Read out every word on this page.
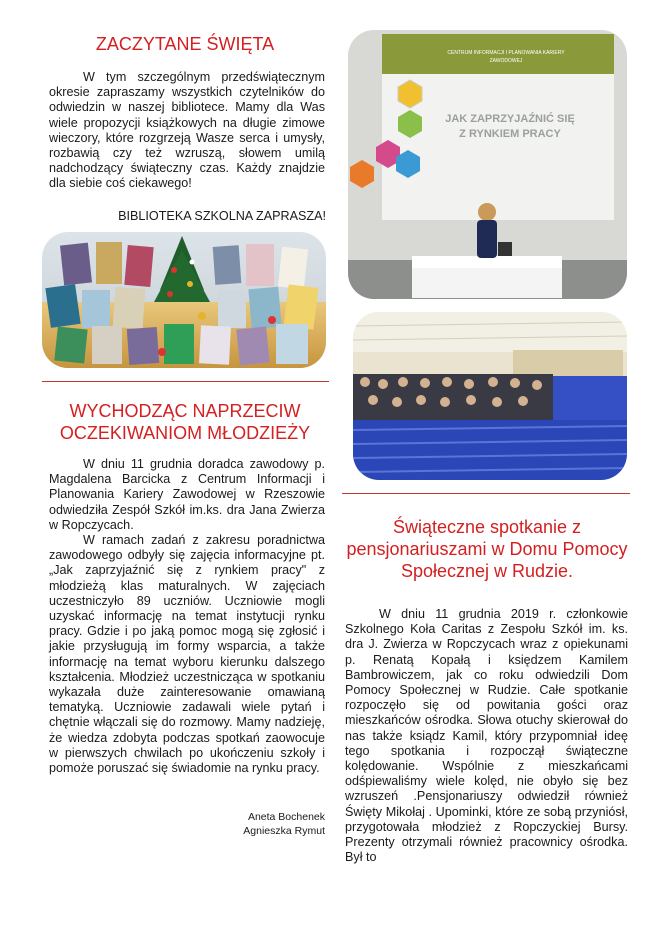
ZACZYTANE ŚWIĘTA

W tym szczególnym przedświątecznym okresie zapraszamy wszystkich czytelników do odwiedzin w naszej bibliotece. Mamy dla Was wiele propozycji książkowych na długie zimowe wieczory, które rozgrzeją Wasze serca i umysły, rozbawią czy też wzruszą, słowem umilą nadchodzący świąteczny czas. Każdy znajdzie dla siebie coś ciekawego!

BIBLIOTEKA SZKOLNA ZAPRASZA!
WYCHODZĄC NAPRZECIW
OCZEKIWANIOM MŁODZIEŻY

W dniu 11 grudnia doradca zawodowy p. Magdalena Barcicka z Centrum Informacji i Planowania Kariery Zawodowej w Rzeszowie odwiedziła Zespół Szkół im.ks. dra Jana Zwierza w Ropczycach.

W ramach zadań z zakresu poradnictwa zawodowego odbyły się zajęcia informacyjne pt. „Jak zaprzyjaźnić się z rynkiem pracy" z młodzieżą klas maturalnych. W zajęciach uczestniczyło 89 uczniów. Uczniowie mogli uzyskać informację na temat instytucji rynku pracy. Gdzie i po jaką pomoc mogą się zgłosić i jakie przysługują im formy wsparcia, a także informację na temat wyboru kierunku dalszego kształcenia. Młodzież uczestnicząca w spotkaniu wykazała duże zainteresowanie omawianą tematyką. Uczniowie zadawali wiele pytań i chętnie włączali się do rozmowy. Mamy nadzieję, że wiedza zdobyta podczas spotkań zaowocuje w pierwszych chwilach po ukończeniu szkoły i pomoże poruszać się świadomie na rynku pracy.

Aneta Bochenek
Agnieszka Rymut
CENTRUM INFORMACJI I PLANOWANIA KARIERY
ZAWODOWEJ
JAK ZAPRZYJAŹNIĆ SIĘ
Z RYNKIEM PRACY
Świąteczne spotkanie z
pensjonariuszami w Domu Pomocy
Społecznej w Rudzie.

W dniu 11 grudnia 2019 r. członkowie Szkolnego Koła Caritas z Zespołu Szkół im. ks. dra J. Zwierza w Ropczycach wraz z opiekunami p. Renatą Kopałą i księdzem Kamilem Bambrowiczem, jak co roku odwiedzili Dom Pomocy Społecznej w Rudzie. Całe spotkanie rozpoczęło się od powitania gości oraz mieszkańców ośrodka. Słowa otuchy skierował do nas także ksiądz Kamil, który przypomniał ideę tego spotkania i rozpoczął świąteczne kolędowanie. Wspólnie z mieszkańcami odśpiewaliśmy wiele kolęd, nie obyło się bez wzruszeń .Pensjonariuszy odwiedził również Święty Mikołaj . Upominki, które ze sobą przyniósł, przygotowała młodzież z Ropczyckiej Bursy. Prezenty otrzymali również pracownicy ośrodka. Był to
